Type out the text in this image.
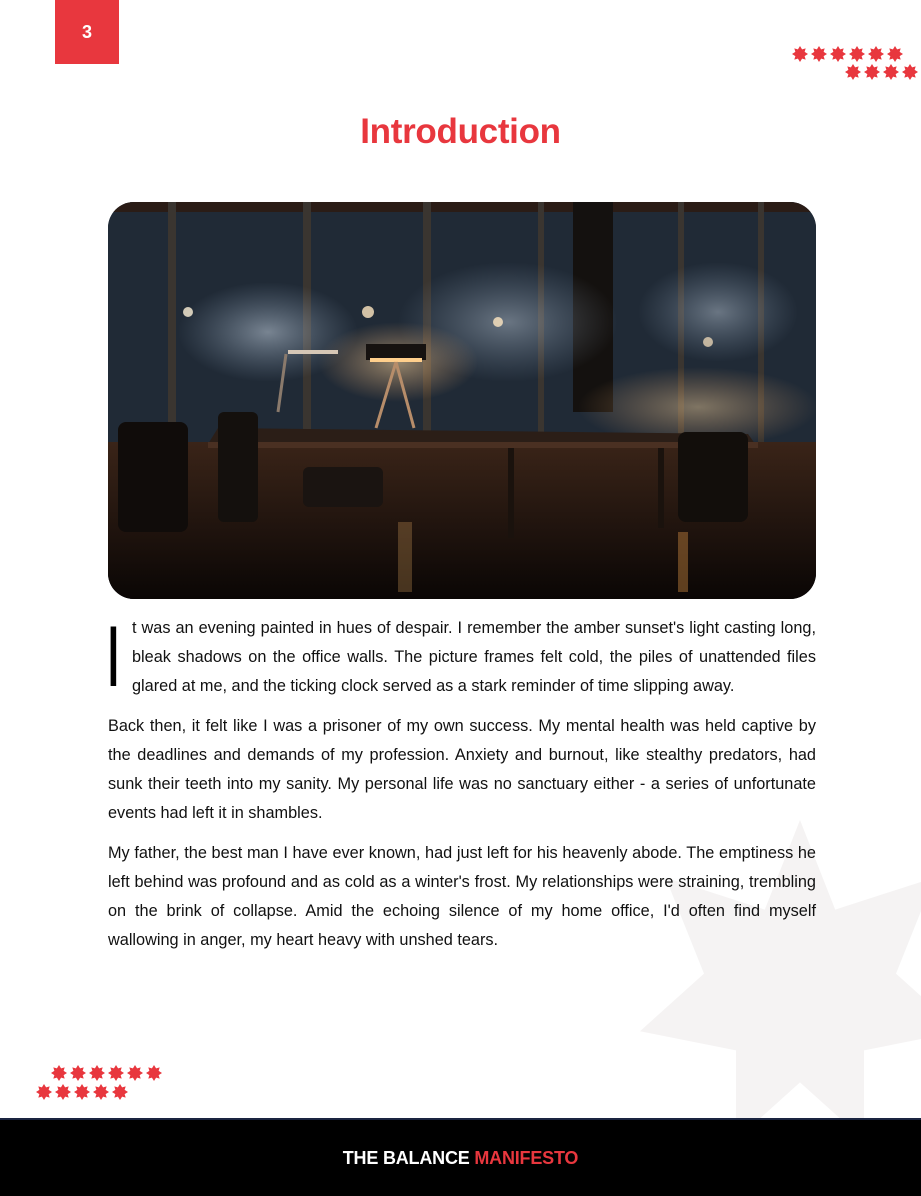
3
Introduction

It was an evening painted in hues of despair. I remember the amber sunset's light casting long, bleak shadows on the office walls. The picture frames felt cold, the piles of unattended files glared at me, and the ticking clock served as a stark reminder of time slipping away.

Back then, it felt like I was a prisoner of my own success. My mental health was held captive by the deadlines and demands of my profession. Anxiety and burnout, like stealthy predators, had sunk their teeth into my sanity. My personal life was no sanctuary either - a series of unfortunate events had left it in shambles.

My father, the best man I have ever known, had just left for his heavenly abode. The emptiness he left behind was profound and as cold as a winter's frost. My relationships were straining, trembling on the brink of collapse. Amid the echoing silence of my home office, I'd often find myself wallowing in anger, my heart heavy with unshed tears.

THE BALANCE MANIFESTO
